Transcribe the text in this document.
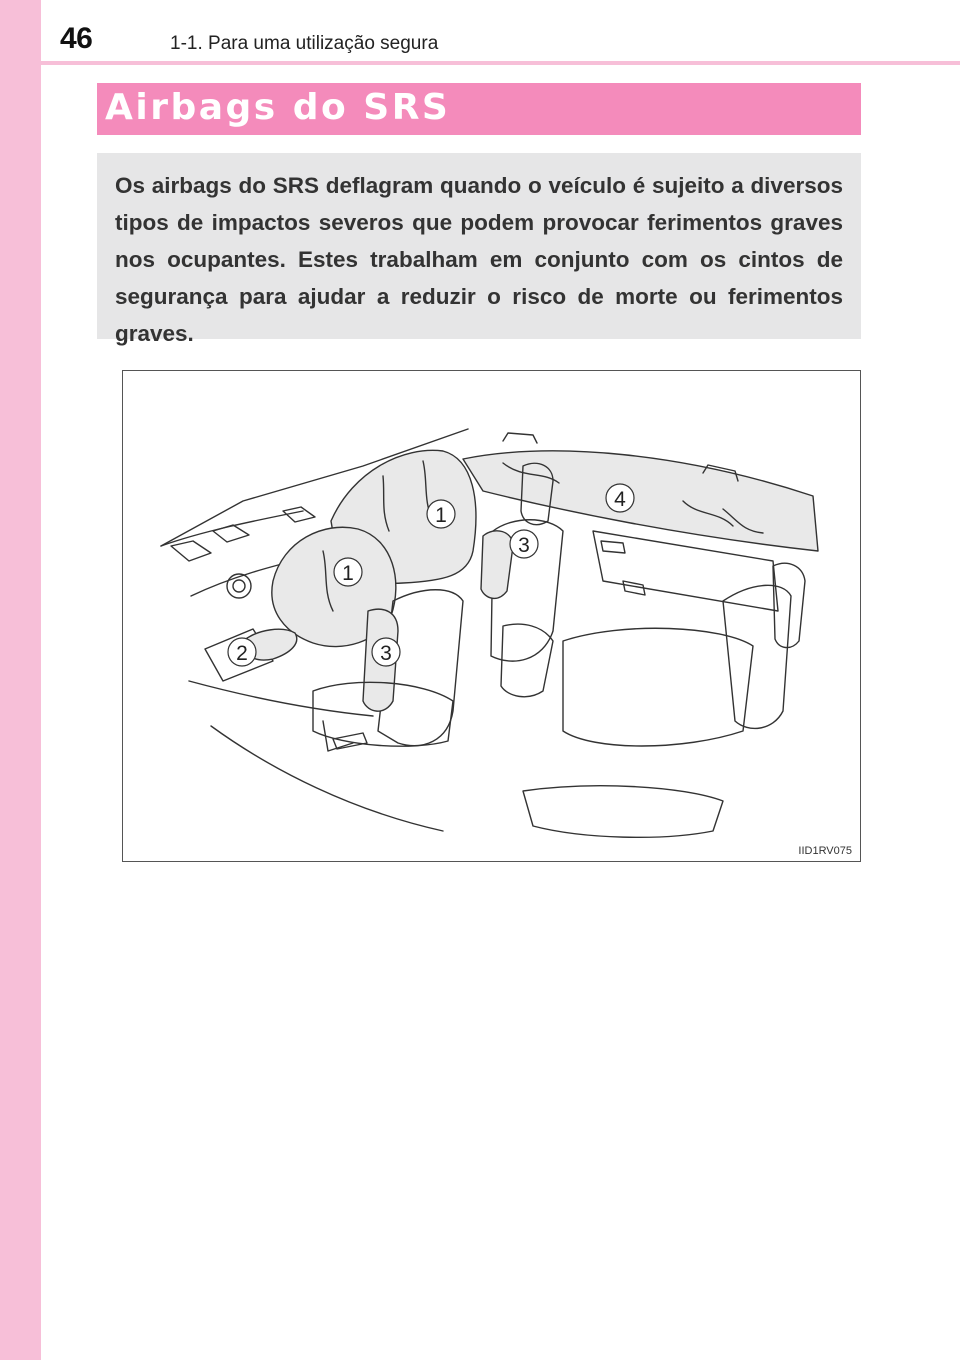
46	1-1. Para uma utilização segura
Airbags do SRS

Os airbags do SRS deflagram quando o veículo é sujeito a diversos tipos de impactos severos que podem provocar ferimentos graves nos ocupantes. Estes trabalham em conjunto com os cintos de segurança para ajudar a reduzir o risco de morte ou ferimentos graves.

1
1
2	3
3
4
IID1RV075
